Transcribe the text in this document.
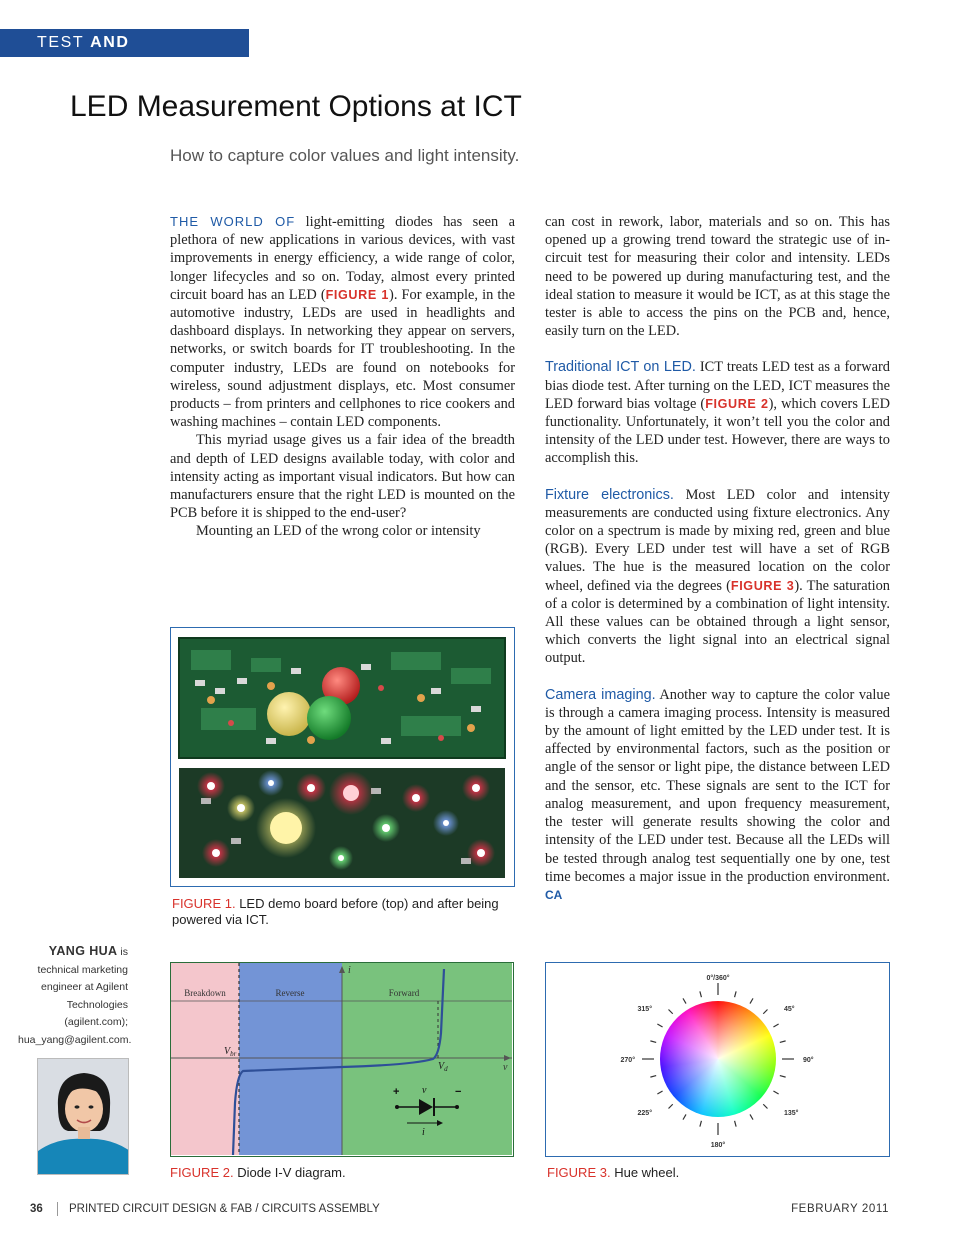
TEST AND INSPECTION
LED Measurement Options at ICT
How to capture color values and light intensity.

THE WORLD OF light-emitting diodes has seen a plethora of new applications in various devices, with vast improvements in energy efficiency, a wide range of color, longer lifecycles and so on. Today, almost every printed circuit board has an LED (FIGURE 1). For example, in the automotive industry, LEDs are used in headlights and dashboard displays. In networking they appear on servers, networks, or switch boards for IT troubleshooting. In the computer industry, LEDs are found on notebooks for wireless, sound adjustment displays, etc. Most consumer products – from printers and cellphones to rice cookers and washing machines – contain LED components.

This myriad usage gives us a fair idea of the breadth and depth of LED designs available today, with color and intensity acting as important visual indicators. But how can manufacturers ensure that the right LED is mounted on the PCB before it is shipped to the end-user?

Mounting an LED of the wrong color or intensity

can cost in rework, labor, materials and so on. This has opened up a growing trend toward the strategic use of in-circuit test for measuring their color and intensity. LEDs need to be powered up during manufacturing test, and the ideal station to measure it would be ICT, as at this stage the tester is able to access the pins on the PCB and, hence, easily turn on the LED.

Traditional ICT on LED. ICT treats LED test as a forward bias diode test. After turning on the LED, ICT measures the LED forward bias voltage (FIGURE 2), which covers LED functionality. Unfortunately, it won’t tell you the color and intensity of the LED under test. However, there are ways to accomplish this.

Fixture electronics. Most LED color and intensity measurements are conducted using fixture electronics. Any color on a spectrum is made by mixing red, green and blue (RGB). Every LED under test will have a set of RGB values. The hue is the measured location on the color wheel, defined via the degrees (FIGURE 3). The saturation of a color is determined by a combination of light intensity. All these values can be obtained through a light sensor, which converts the light signal into an electrical signal output.

Camera imaging. Another way to capture the color value is through a camera imaging process. Intensity is measured by the amount of light emitted by the LED under test. It is affected by environmental factors, such as the position or angle of the sensor or light pipe, the distance between LED and the sensor, etc. These signals are sent to the ICT for analog measurement, and upon frequency measurement, the tester will generate results showing the color and intensity of the LED under test. Because all the LEDs will be tested through analog test sequentially one by one, test time becomes a major issue in the production environment. CA

FIGURE 1. LED demo board before (top) and after being powered via ICT.
Breakdown	Reverse	Forward
i
v
$V_{br}$
$V_d$
+	−
v
i
FIGURE 2. Diode I-V diagram.
0°/360°
45°
90°
135°
180°
225°
270°
315°
FIGURE 3. Hue wheel.
YANG HUA is technical marketing engineer at Agilent Technologies (agilent.com); hua_yang@agilent.com.
36 PRINTED CIRCUIT DESIGN & FAB / CIRCUITS ASSEMBLY	FEBRUARY 2011
